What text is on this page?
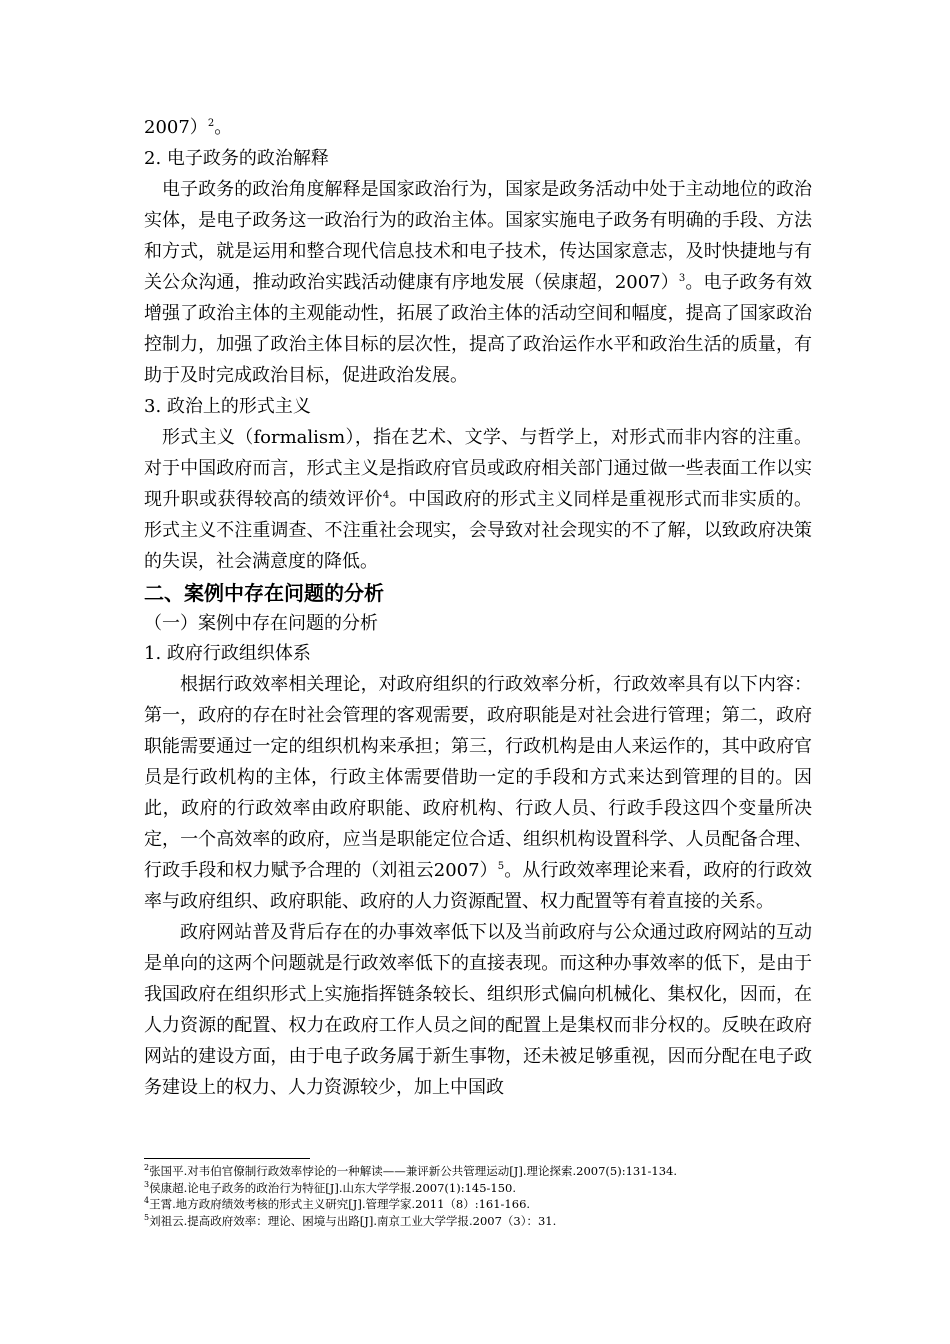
2007）$^2$。

2. 电子政务的政治解释

电子政务的政治角度解释是国家政治行为，国家是政务活动中处于主动地位的政治实体，是电子政务这一政治行为的政治主体。国家实施电子政务有明确的手段、方法和方式，就是运用和整合现代信息技术和电子技术，传达国家意志，及时快捷地与有关公众沟通，推动政治实践活动健康有序地发展（侯康超，2007）$^3$。电子政务有效增强了政治主体的主观能动性，拓展了政治主体的活动空间和幅度，提高了国家政治控制力，加强了政治主体目标的层次性，提高了政治运作水平和政治生活的质量，有助于及时完成政治目标，促进政治发展。

3. 政治上的形式主义

形式主义（formalism），指在艺术、文学、与哲学上，对形式而非内容的注重。对于中国政府而言，形式主义是指政府官员或政府相关部门通过做一些表面工作以实现升职或获得较高的绩效评价$^4$。中国政府的形式主义同样是重视形式而非实质的。形式主义不注重调查、不注重社会现实，会导致对社会现实的不了解，以致政府决策的失误，社会满意度的降低。

二、案例中存在问题的分析

（一）案例中存在问题的分析

1. 政府行政组织体系

根据行政效率相关理论，对政府组织的行政效率分析，行政效率具有以下内容：第一，政府的存在时社会管理的客观需要，政府职能是对社会进行管理；第二，政府职能需要通过一定的组织机构来承担；第三，行政机构是由人来运作的，其中政府官员是行政机构的主体，行政主体需要借助一定的手段和方式来达到管理的目的。因此，政府的行政效率由政府职能、政府机构、行政人员、行政手段这四个变量所决定，一个高效率的政府，应当是职能定位合适、组织机构设置科学、人员配备合理、行政手段和权力赋予合理的（刘祖云2007）$^5$。从行政效率理论来看，政府的行政效率与政府组织、政府职能、政府的人力资源配置、权力配置等有着直接的关系。

政府网站普及背后存在的办事效率低下以及当前政府与公众通过政府网站的互动是单向的这两个问题就是行政效率低下的直接表现。而这种办事效率的低下，是由于我国政府在组织形式上实施指挥链条较长、组织形式偏向机械化、集权化，因而，在人力资源的配置、权力在政府工作人员之间的配置上是集权而非分权的。反映在政府网站的建设方面，由于电子政务属于新生事物，还未被足够重视，因而分配在电子政务建设上的权力、人力资源较少，加上中国政

$^2$张国平.对韦伯官僚制行政效率悖论的一种解读——兼评新公共管理运动[J].理论探索.2007(5):131-134.
$^3$侯康超.论电子政务的政治行为特征[J].山东大学学报.2007(1):145-150.
$^4$王霄.地方政府绩效考核的形式主义研究[J].管理学家.2011（8）:161-166.
$^5$刘祖云.提高政府效率：理论、困境与出路[J].南京工业大学学报.2007（3）：31.
